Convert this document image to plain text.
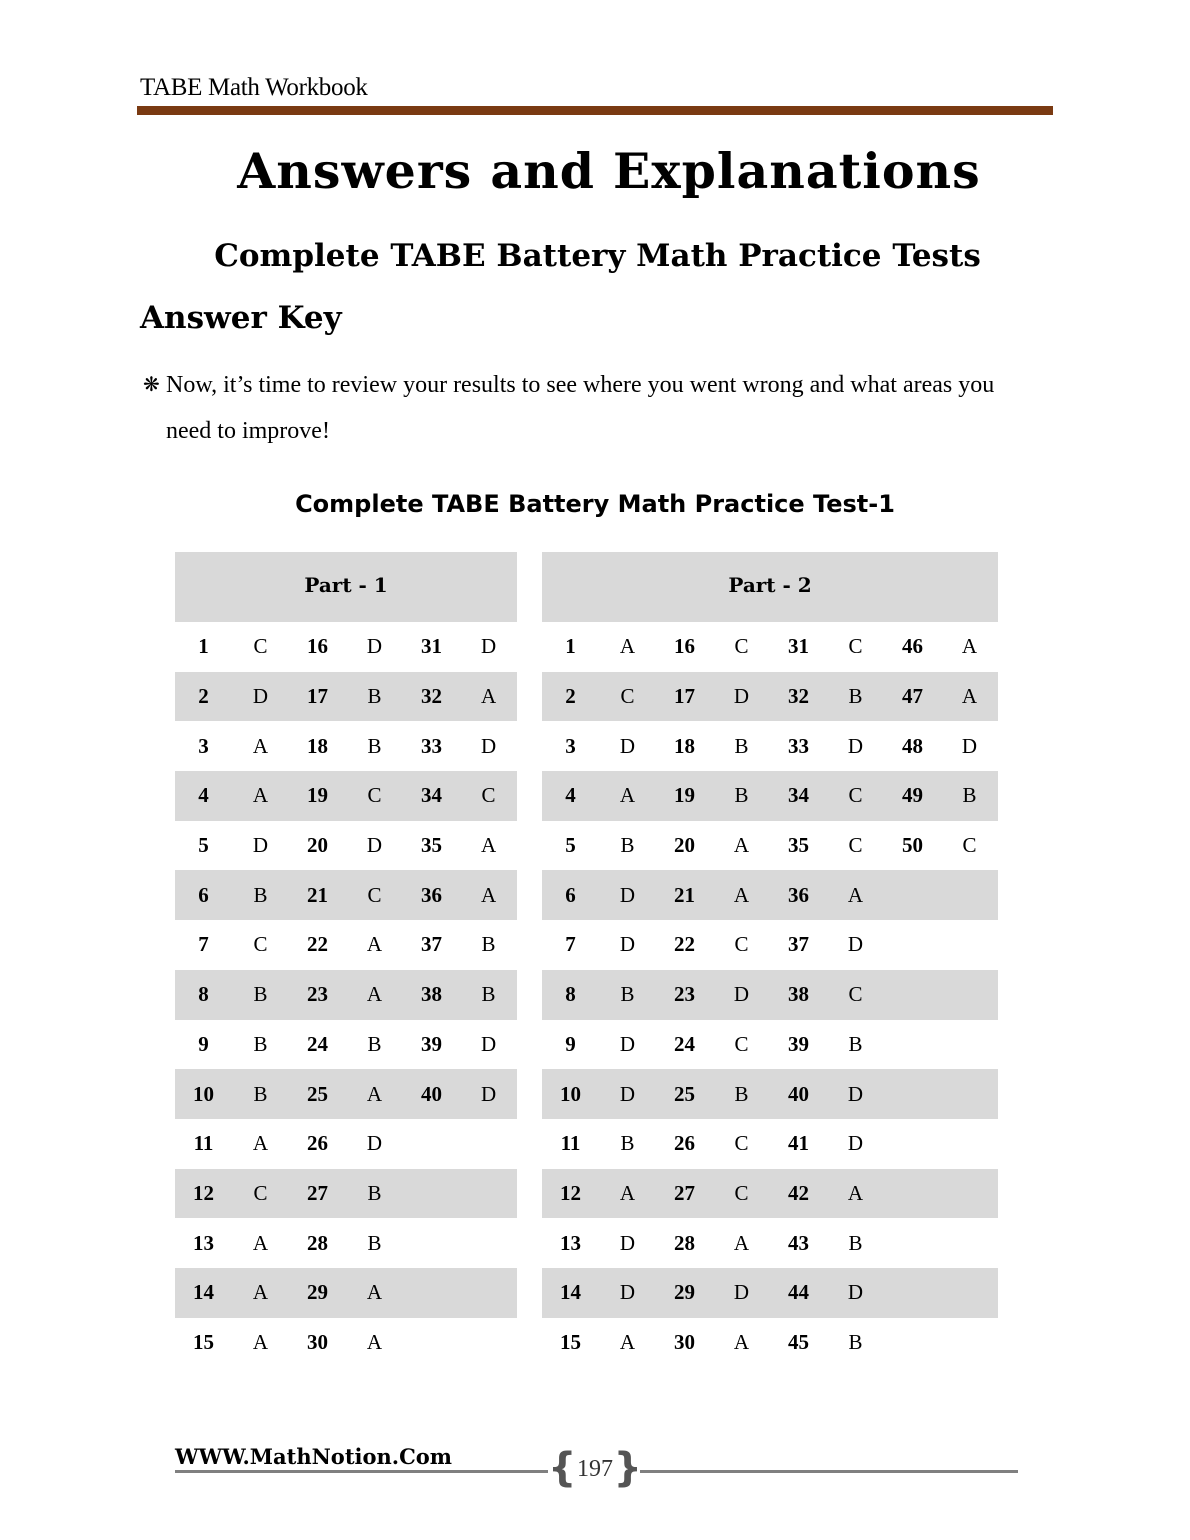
TABE Math Workbook
Answers and Explanations
Complete TABE Battery Math Practice Tests
Answer Key
❋ Now, it’s time to review your results to see where you went wrong and what areas you need to improve!
Complete TABE Battery Math Practice Test-1
Part - 1					
1	C	16	D	31	D
2	D	17	B	32	A
3	A	18	B	33	D
4	A	19	C	34	C
5	D	20	D	35	A
6	B	21	C	36	A
7	C	22	A	37	B
8	B	23	A	38	B
9	B	24	B	39	D
10	B	25	A	40	D
11	A	26	D		
12	C	27	B		
13	A	28	B		
14	A	29	A		
15	A	30	A		
Part - 2							
1	A	16	C	31	C	46	A
2	C	17	D	32	B	47	A
3	D	18	B	33	D	48	D
4	A	19	B	34	C	49	B
5	B	20	A	35	C	50	C
6	D	21	A	36	A		
7	D	22	C	37	D		
8	B	23	D	38	C		
9	D	24	C	39	B		
10	D	25	B	40	D		
11	B	26	C	41	D		
12	A	27	C	42	A		
13	D	28	A	43	B		
14	D	29	D	44	D		
15	A	30	A	45	B		
WWW.MathNotion.Com { 197 }
